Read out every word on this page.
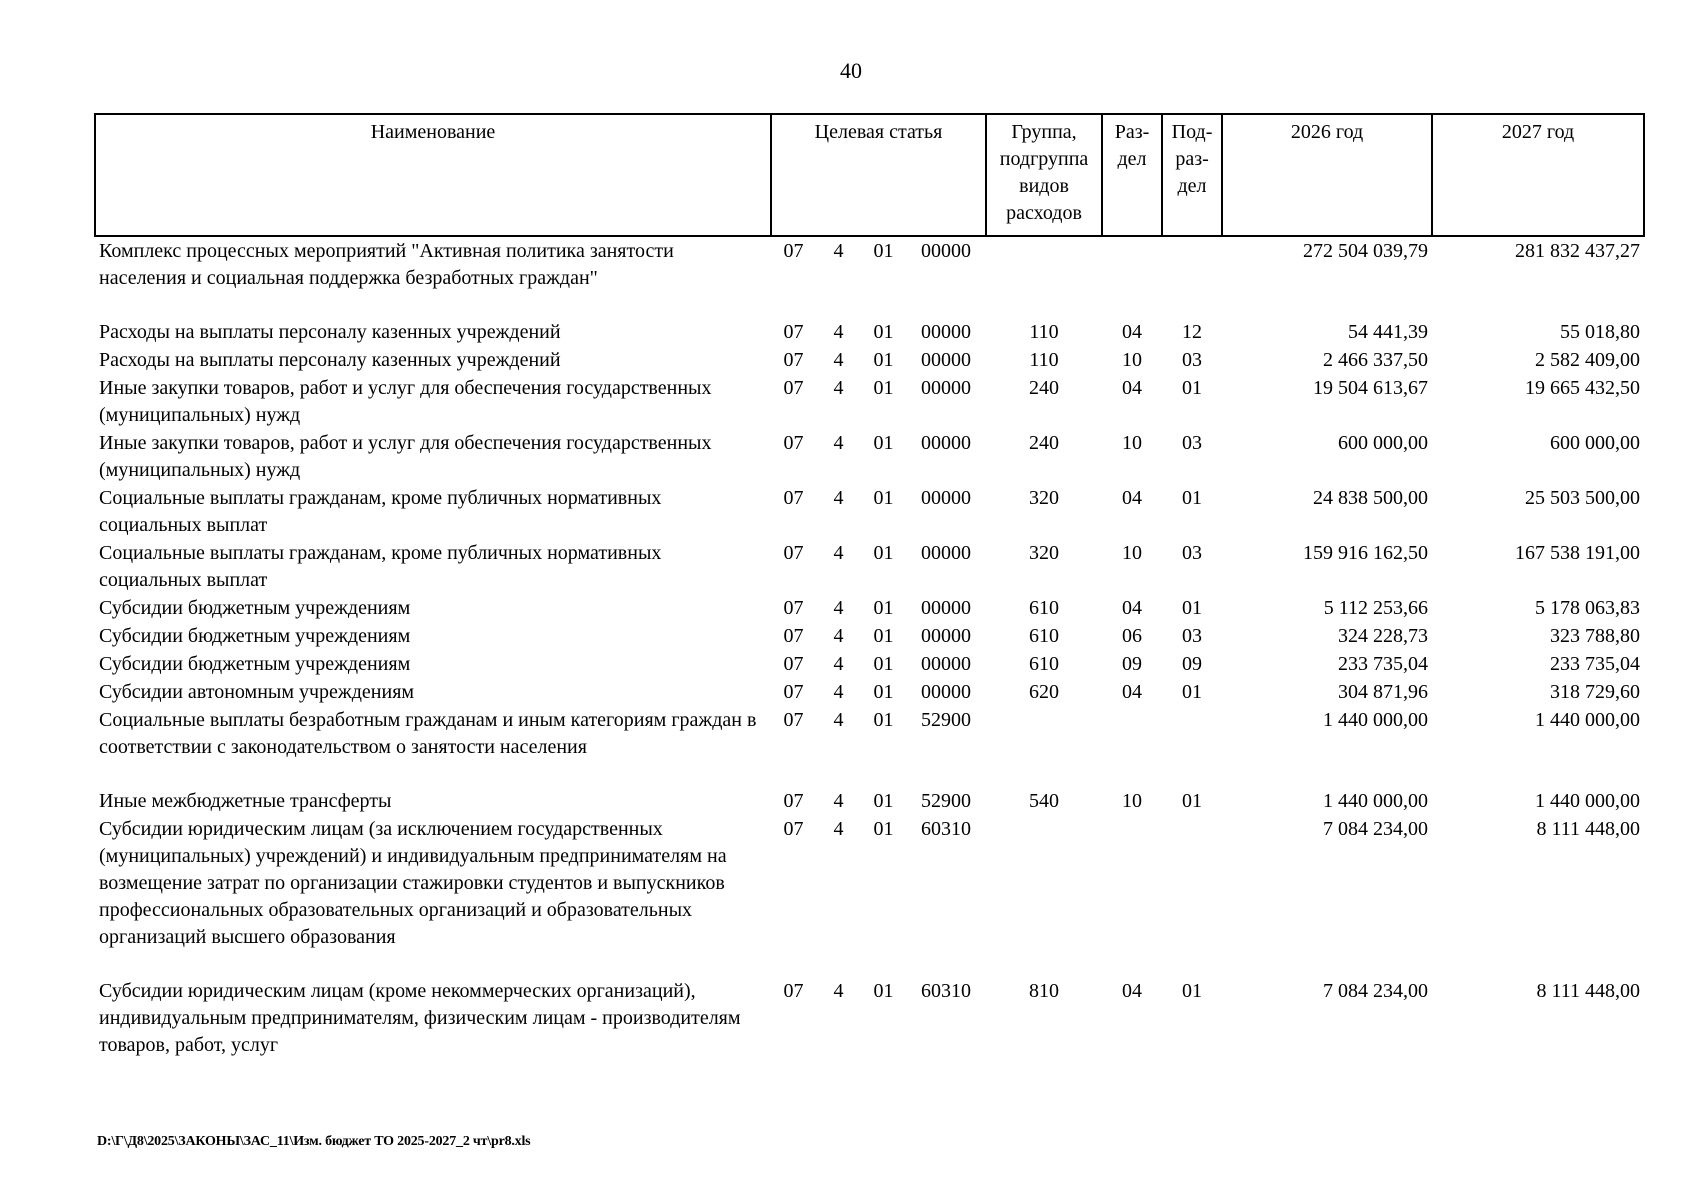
40
Наименование	Целевая статья				Группа, подгруппа видов расходов	Раз-дел	Под-раз-дел	2026 год	2027 год
Комплекс процессных мероприятий "Активная политика занятости населения и социальная поддержка безработных граждан"	07	4	01	00000				272 504 039,79	281 832 437,27

Расходы на выплаты персоналу казенных учреждений	07	4	01	00000	110	04	12	54 441,39	55 018,80
Расходы на выплаты персоналу казенных учреждений	07	4	01	00000	110	10	03	2 466 337,50	2 582 409,00
Иные закупки товаров, работ и услуг для обеспечения государственных (муниципальных) нужд	07	4	01	00000	240	04	01	19 504 613,67	19 665 432,50
Иные закупки товаров, работ и услуг для обеспечения государственных (муниципальных) нужд	07	4	01	00000	240	10	03	600 000,00	600 000,00
Социальные выплаты гражданам, кроме публичных нормативных социальных выплат	07	4	01	00000	320	04	01	24 838 500,00	25 503 500,00
Социальные выплаты гражданам, кроме публичных нормативных социальных выплат	07	4	01	00000	320	10	03	159 916 162,50	167 538 191,00
Субсидии бюджетным учреждениям	07	4	01	00000	610	04	01	5 112 253,66	5 178 063,83
Субсидии бюджетным учреждениям	07	4	01	00000	610	06	03	324 228,73	323 788,80
Субсидии бюджетным учреждениям	07	4	01	00000	610	09	09	233 735,04	233 735,04
Субсидии автономным учреждениям	07	4	01	00000	620	04	01	304 871,96	318 729,60
Социальные выплаты безработным гражданам и иным категориям граждан в соответствии с законодательством о занятости населения	07	4	01	52900				1 440 000,00	1 440 000,00

Иные межбюджетные трансферты	07	4	01	52900	540	10	01	1 440 000,00	1 440 000,00
Субсидии юридическим лицам (за исключением государственных (муниципальных) учреждений) и индивидуальным предпринимателям на возмещение затрат по организации стажировки студентов и выпускников профессиональных образовательных организаций и образовательных организаций высшего образования	07	4	01	60310				7 084 234,00	8 111 448,00

Субсидии юридическим лицам (кроме некоммерческих организаций), индивидуальным предпринимателям, физическим лицам - производителям товаров, работ, услуг	07	4	01	60310	810	04	01	7 084 234,00	8 111 448,00
D:\Г\Д8\2025\ЗАКОНЫ\ЗАС_11\Изм. бюджет ТО 2025-2027_2 чт\pr8.xls
